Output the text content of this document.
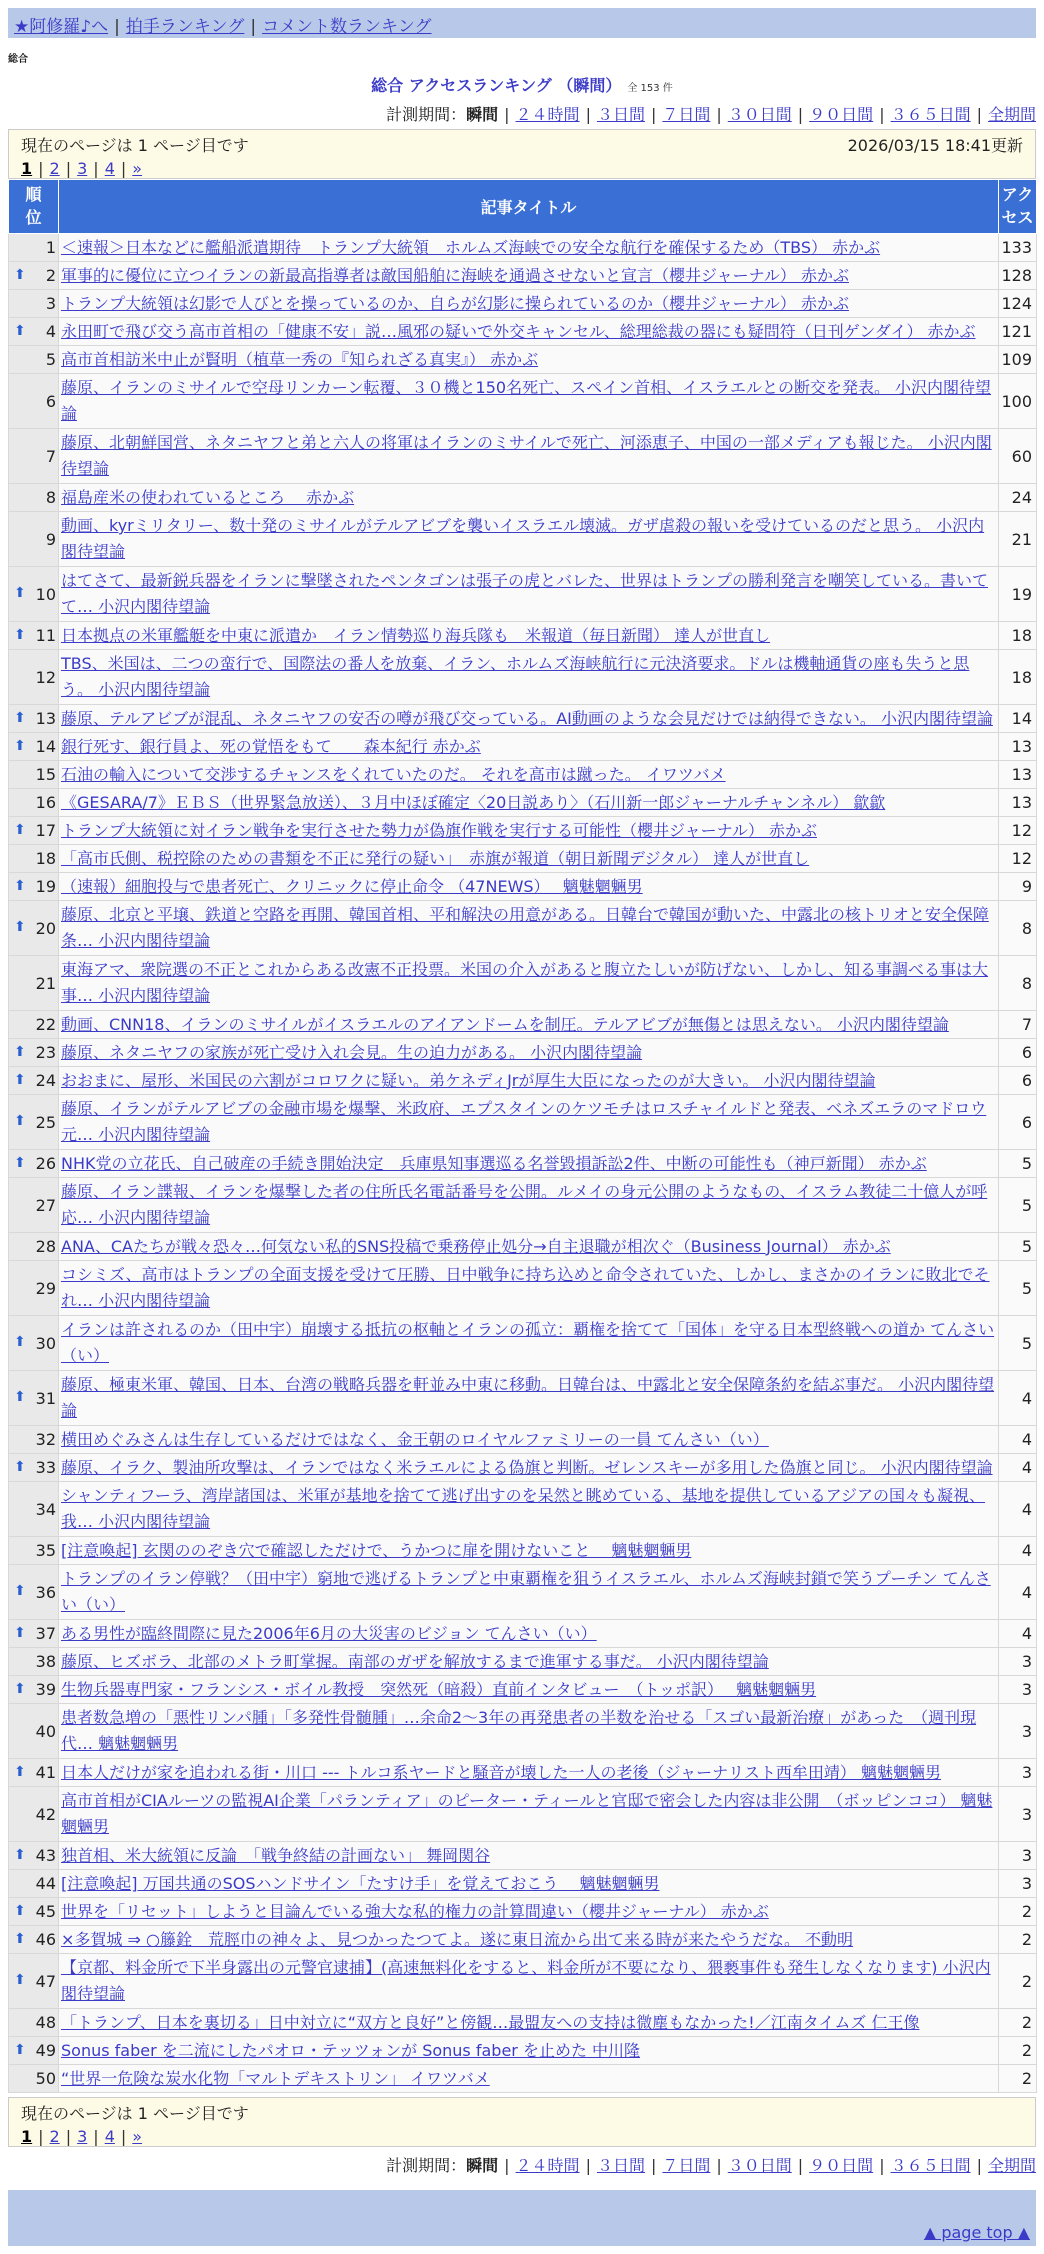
★阿修羅♪へ | 拍手ランキング | コメント数ランキング
総合
総合 アクセスランキング （瞬間） 全 153 件
計測期間：瞬間 | ２４時間 | ３日間 | ７日間 | ３０日間 | ９０日間 | ３６５日間 | 全期間
現在のページは 1 ページ目です	2026/03/15 18:41更新
1 | 2 | 3 | 4 | »
順位	記事タイトル	アクセス
1	＜速報＞日本などに艦船派遣期待　トランプ大統領　ホルムズ海峡での安全な航行を確保するため（TBS） 赤かぶ	133

⬆ 2	軍事的に優位に立つイランの新最高指導者は敵国船舶に海峡を通過させないと宣言（櫻井ジャーナル） 赤かぶ	128
3	トランプ大統領は幻影で人びとを操っているのか、自らが幻影に操られているのか（櫻井ジャーナル） 赤かぶ	124

⬆ 4	永田町で飛び交う高市首相の「健康不安」説…風邪の疑いで外交キャンセル、総理総裁の器にも疑問符（日刊ゲンダイ） 赤かぶ	121
5	高市首相訪米中止が賢明（植草一秀の『知られざる真実』） 赤かぶ	109
6	藤原、イランのミサイルで空母リンカーン転覆、３０機と150名死亡、スペイン首相、イスラエルとの断交を発表。 小沢内閣待望論	100
7	藤原、北朝鮮国営、ネタニヤフと弟と六人の将軍はイランのミサイルで死亡、河添恵子、中国の一部メディアも報じた。 小沢内閣待望論	60
8	福島産米の使われているところ　 赤かぶ	24
9	動画、kyrミリタリー、数十発のミサイルがテルアビブを襲いイスラエル壊滅。ガザ虐殺の報いを受けているのだと思う。 小沢内閣待望論	21

⬆ 10	はてさて、最新鋭兵器をイランに撃墜されたペンタゴンは張子の虎とバレた、世界はトランプの勝利発言を嘲笑している。書いてて… 小沢内閣待望論	19

⬆ 11	日本拠点の米軍艦艇を中東に派遣か　イラン情勢巡り海兵隊も　米報道（毎日新聞） 達人が世直し	18
12	TBS、米国は、二つの蛮行で、国際法の番人を放棄、イラン、ホルムズ海峡航行に元決済要求。ドルは機軸通貨の座も失うと思う。 小沢内閣待望論	18

⬆ 13	藤原、テルアビブが混乱、ネタニヤフの安否の噂が飛び交っている。AI動画のような会見だけでは納得できない。 小沢内閣待望論	14

⬆ 14	銀行死す、銀行員よ、死の覚悟をもて　　森本紀行 赤かぶ	13
15	石油の輸入について交渉するチャンスをくれていたのだ。 それを高市は蹴った。 イワツバメ	13
16	《GESARA/7》ＥＢＳ（世界緊急放送）、３月中ほぼ確定〈20日説あり〉（石川新一郎ジャーナルチャンネル） 歙歙	13

⬆ 17	トランプ大統領に対イラン戦争を実行させた勢力が偽旗作戦を実行する可能性（櫻井ジャーナル） 赤かぶ	12
18	「高市氏側、税控除のための書類を不正に発行の疑い」　赤旗が報道（朝日新聞デジタル） 達人が世直し	12

⬆ 19	（速報）細胞投与で患者死亡、クリニックに停止命令 （47NEWS）　 魑魅魍魎男	9

⬆ 20	藤原、北京と平壌、鉄道と空路を再開、韓国首相、平和解決の用意がある。日韓台で韓国が動いた、中露北の核トリオと安全保障条… 小沢内閣待望論	8
21	東海アマ、衆院選の不正とこれからある改憲不正投票。米国の介入があると腹立たしいが防げない、しかし、知る事調べる事は大事… 小沢内閣待望論	8
22	動画、CNN18、イランのミサイルがイスラエルのアイアンドームを制圧。テルアビブが無傷とは思えない。 小沢内閣待望論	7

⬆ 23	藤原、ネタニヤフの家族が死亡受け入れ会見。生の迫力がある。 小沢内閣待望論	6

⬆ 24	おおまに、屋形、米国民の六割がコロワクに疑い。弟ケネディJrが厚生大臣になったのが大きい。 小沢内閣待望論	6

⬆ 25	藤原、イランがテルアビブの金融市場を爆撃、米政府、エプスタインのケツモチはロスチャイルドと発表、ベネズエラのマドロウ元… 小沢内閣待望論	6

⬆ 26	NHK党の立花氏、自己破産の手続き開始決定　兵庫県知事選巡る名誉毀損訴訟2件、中断の可能性も（神戸新聞） 赤かぶ	5
27	藤原、イラン諜報、イランを爆撃した者の住所氏名電話番号を公開。ルメイの身元公開のようなもの、イスラム教徒二十億人が呼応… 小沢内閣待望論	5
28	ANA、CAたちが戦々恐々…何気ない私的SNS投稿で乗務停止処分→自主退職が相次ぐ（Business Journal） 赤かぶ	5
29	コシミズ、高市はトランプの全面支援を受けて圧勝、日中戦争に持ち込めと命令されていた、しかし、まさかのイランに敗北でそれ… 小沢内閣待望論	5

⬆ 30	イランは許されるのか（田中宇）崩壊する抵抗の枢軸とイランの孤立：覇権を捨てて「国体」を守る日本型終戦への道か てんさい（い）	5

⬆ 31	藤原、極東米軍、韓国、日本、台湾の戦略兵器を軒並み中東に移動。日韓台は、中露北と安全保障条約を結ぶ事だ。 小沢内閣待望論	4
32	横田めぐみさんは生存しているだけではなく、金王朝のロイヤルファミリーの一員 てんさい（い）	4

⬆ 33	藤原、イラク、製油所攻撃は、イランではなく米ラエルによる偽旗と判断。ゼレンスキーが多用した偽旗と同じ。 小沢内閣待望論	4
34	シャンティフーラ、湾岸諸国は、米軍が基地を捨てて逃げ出すのを呆然と眺めている、基地を提供しているアジアの国々も凝視、我… 小沢内閣待望論	4
35	[注意喚起] 玄関ののぞき穴で確認しただけで、うかつに扉を開けないこと　 魑魅魍魎男	4

⬆ 36	トランプのイラン停戦？（田中宇）窮地で逃げるトランプと中東覇権を狙うイスラエル、ホルムズ海峡封鎖で笑うプーチン てんさい（い）	4

⬆ 37	ある男性が臨終間際に見た2006年6月の大災害のビジョン てんさい（い）	4
38	藤原、ヒズボラ、北部のメトラ町掌握。南部のガザを解放するまで進軍する事だ。 小沢内閣待望論	3

⬆ 39	生物兵器専門家・フランシス・ボイル教授　突然死（暗殺）直前インタビュー　（トッポ訳）　 魑魅魍魎男	3
40	患者数急増の「悪性リンパ腫」「多発性骨髄腫」…余命2～3年の再発患者の半数を治せる「スゴい最新治療」があった　（週刊現代… 魑魅魍魎男	3

⬆ 41	日本人だけが家を追われる街・川口 --- トルコ系ヤードと騒音が壊した一人の老後（ジャーナリスト西牟田靖） 魑魅魍魎男	3
42	高市首相がCIAルーツの監視AI企業「パランティア」のピーター・ティールと官邸で密会した内容は非公開　（ボッピンココ） 魑魅魍魎男	3

⬆ 43	独首相、米大統領に反論　「戦争終結の計画ない」 舞岡関谷	3
44	[注意喚起] 万国共通のSOSハンドサイン「たすけ手」を覚えておこう　 魑魅魍魎男	3

⬆ 45	世界を「リセット」しようと目論んでいる強大な私的権力の計算間違い（櫻井ジャーナル） 赤かぶ	2

⬆ 46	×多賀城 ⇒ ○籐銓　荒脛巾の神々よ、見つかったつてよ。遂に東日流から出て来る時が来たやうだな。 不動明	2

⬆ 47	【京都、料金所で下半身露出の元警官逮捕】(高速無料化をすると、料金所が不要になり、猥褻事件も発生しなくなります) 小沢内閣待望論	2
48	「トランプ、日本を裏切る」日中対立に“双方と良好”と傍観…最盟友への支持は微塵もなかった!／江南タイムズ 仁王像	2

⬆ 49	Sonus faber を二流にしたパオロ・テッツォンが Sonus faber を止めた 中川隆	2
50	“世界一危険な炭水化物「マルトデキストリン」 イワツバメ	2
現在のページは 1 ページ目です
1 | 2 | 3 | 4 | »
計測期間：瞬間 | ２４時間 | ３日間 | ７日間 | ３０日間 | ９０日間 | ３６５日間 | 全期間
▲ page top ▲
